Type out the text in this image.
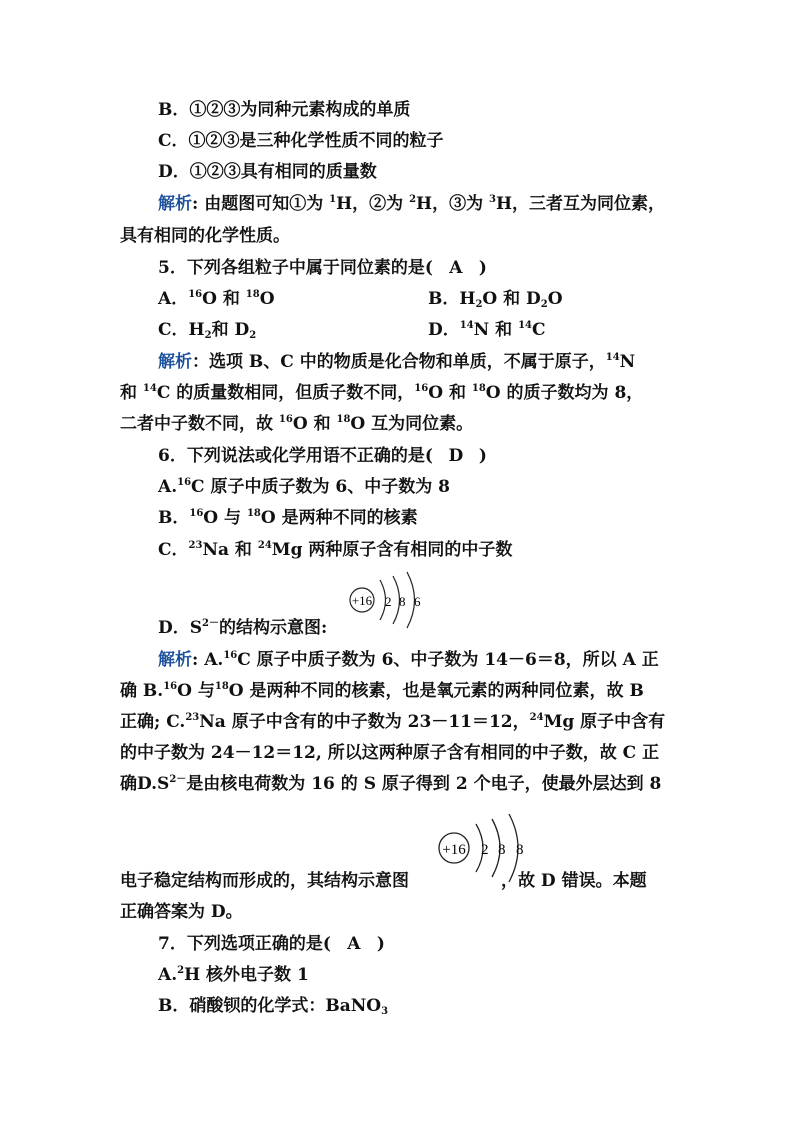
B．①②③为同种元素构成的单质
C．①②③是三种化学性质不同的粒子
D．①②③具有相同的质量数
解析: 由题图可知①为 $^1$H，②为 $^2$H，③为 $^3$H，三者互为同位素，
具有相同的化学性质。
5．下列各组粒子中属于同位素的是( A )
A．$^{16}$O 和 $^{18}$O	B．$H_2O$ 和 $D_2O$
C．$H_2$和 $D_2$	D．$^{14}$N 和 $^{14}$C
解析：选项 B、C 中的物质是化合物和单质，不属于原子，$^{14}$N
和 $^{14}$C 的质量数相同，但质子数不同，$^{16}$O 和 $^{18}$O 的质子数均为 8，
二者中子数不同，故 $^{16}$O 和 $^{18}$O 互为同位素。
6．下列说法或化学用语不正确的是( D )
A.$^{16}$C 原子中质子数为 6、中子数为 8
B．$^{16}$O 与 $^{18}$O 是两种不同的核素
C．$^{23}$Na 和 $^{24}$Mg 两种原子含有相同的中子数
+16 2 8 6
D．$S^{2-}$的结构示意图:
解析: A.$^{16}$C 原子中质子数为 6、中子数为 14－6＝8，所以 A 正
确 B.$^{16}$O 与$^{18}$O 是两种不同的核素，也是氧元素的两种同位素，故 B
正确; C.$^{23}$Na 原子中含有的中子数为 23－11＝12，$^{24}$Mg 原子中含有
的中子数为 24－12＝12, 所以这两种原子含有相同的中子数，故 C 正
确$D.S^{2-}$是由核电荷数为 16 的 S 原子得到 2 个电子，使最外层达到 8
+16 2 8 8
电子稳定结构而形成的，其结构示意图	，故 D 错误。本题
正确答案为 D。
7．下列选项正确的是( A )
A.$^2$H 核外电子数 1
B．硝酸钡的化学式：BaNO$_3$
